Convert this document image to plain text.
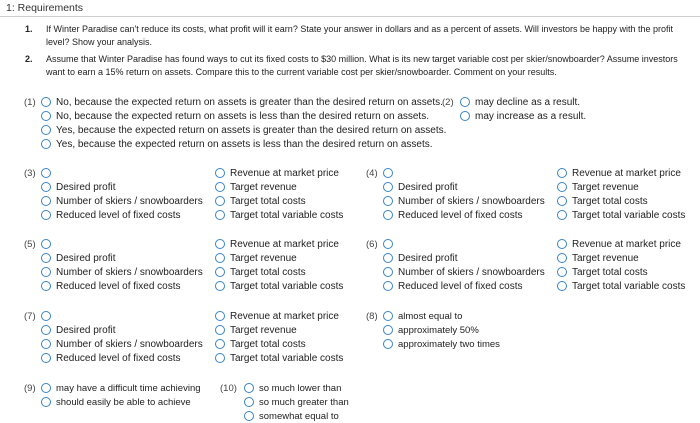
1: Requirements
1. If Winter Paradise can't reduce its costs, what profit will it earn? State your answer in dollars and as a percent of assets. Will investors be happy with the profit level? Show your analysis.
2. Assume that Winter Paradise has found ways to cut its fixed costs to $30 million. What is its new target variable cost per skier/snowboarder? Assume investors want to earn a 15% return on assets. Compare this to the current variable cost per skier/snowboarder. Comment on your results.
(1)	No, because the expected return on assets is greater than the desired return on assets.
No, because the expected return on assets is less than the desired return on assets.
Yes, because the expected return on assets is greater than the desired return on assets.
Yes, because the expected return on assets is less than the desired return on assets.
(2)	may decline as a result.
may increase as a result.
(3)
Desired profit
Number of skiers / snowboarders
Reduced level of fixed costs
Revenue at market price
Target revenue
Target total costs
Target total variable costs
(4)
Desired profit
Number of skiers / snowboarders
Reduced level of fixed costs
Revenue at market price
Target revenue
Target total costs
Target total variable costs
(5)
Desired profit
Number of skiers / snowboarders
Reduced level of fixed costs
Revenue at market price
Target revenue
Target total costs
Target total variable costs
(6)
Desired profit
Number of skiers / snowboarders
Reduced level of fixed costs
Revenue at market price
Target revenue
Target total costs
Target total variable costs
(7)
Desired profit
Number of skiers / snowboarders
Reduced level of fixed costs
Revenue at market price
Target revenue
Target total costs
Target total variable costs
(8)	almost equal to
approximately 50%
approximately two times
(9)	may have a difficult time achieving
should easily be able to achieve
(10)	so much lower than
so much greater than
somewhat equal to
